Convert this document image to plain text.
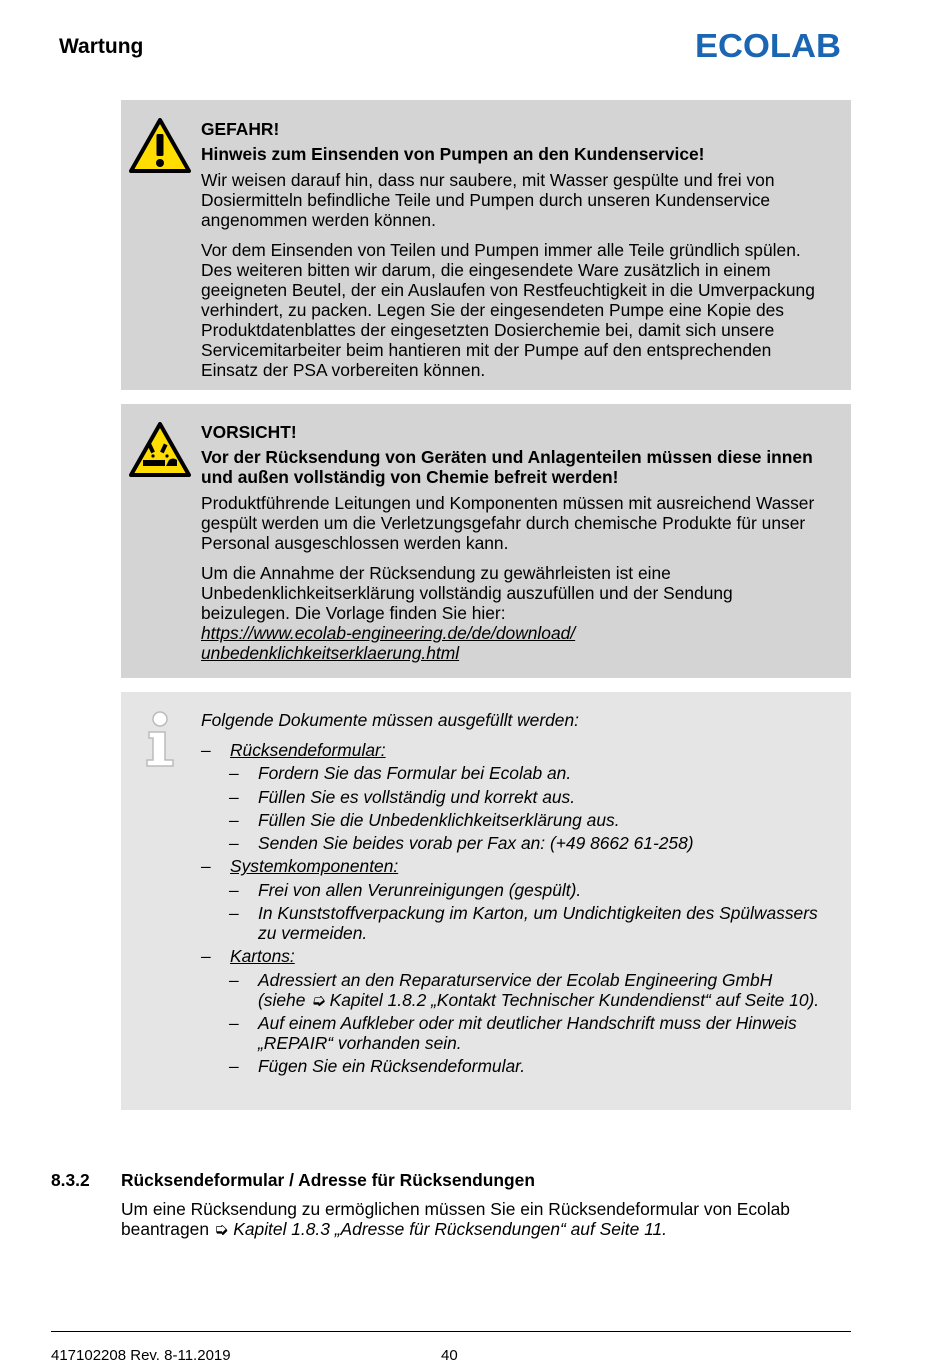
Wartung	ECOLAB
GEFAHR!
Hinweis zum Einsenden von Pumpen an den Kundenservice!

Wir weisen darauf hin, dass nur saubere, mit Wasser gespülte und frei von Dosiermitteln befindliche Teile und Pumpen durch unseren Kundenservice angenommen werden können.

Vor dem Einsenden von Teilen und Pumpen immer alle Teile gründlich spülen. Des weiteren bitten wir darum, die eingesendete Ware zusätzlich in einem geeigneten Beutel, der ein Auslaufen von Restfeuchtigkeit in die Umverpackung verhindert, zu packen. Legen Sie der eingesendeten Pumpe eine Kopie des Produktdatenblattes der eingesetzten Dosierchemie bei, damit sich unsere Servicemitarbeiter beim hantieren mit der Pumpe auf den entsprechenden Einsatz der PSA vorbereiten können.

VORSICHT!
Vor der Rücksendung von Geräten und Anlagenteilen müssen diese innen und außen vollständig von Chemie befreit werden!

Produktführende Leitungen und Komponenten müssen mit ausreichend Wasser gespült werden um die Verletzungsgefahr durch chemische Produkte für unser Personal ausgeschlossen werden kann.

Um die Annahme der Rücksendung zu gewährleisten ist eine Unbedenklichkeitserklärung vollständig auszufüllen und der Sendung beizulegen. Die Vorlage finden Sie hier:

https://www.ecolab-engineering.de/de/download/
unbedenklichkeitserklaerung.html
Folgende Dokumente müssen ausgefüllt werden:
– Rücksendeformular:
– Fordern Sie das Formular bei Ecolab an.
– Füllen Sie es vollständig und korrekt aus.
– Füllen Sie die Unbedenklichkeitserklärung aus.
– Senden Sie beides vorab per Fax an: (+49 8662 61-258)
– Systemkomponenten:
– Frei von allen Verunreinigungen (gespült).
– In Kunststoffverpackung im Karton, um Undichtigkeiten des Spülwassers zu vermeiden.
– Kartons:
– Adressiert an den Reparaturservice der Ecolab Engineering GmbH (siehe ➭ Kapitel 1.8.2 „Kontakt Technischer Kundendienst“ auf Seite 10).
– Auf einem Aufkleber oder mit deutlicher Handschrift muss der Hinweis „REPAIR“ vorhanden sein.
– Fügen Sie ein Rücksendeformular.
8.3.2 Rücksendeformular / Adresse für Rücksendungen
Um eine Rücksendung zu ermöglichen müssen Sie ein Rücksendeformular von Ecolab beantragen ➭ Kapitel 1.8.3 „Adresse für Rücksendungen“ auf Seite 11.
417102208 Rev. 8-11.2019	40
